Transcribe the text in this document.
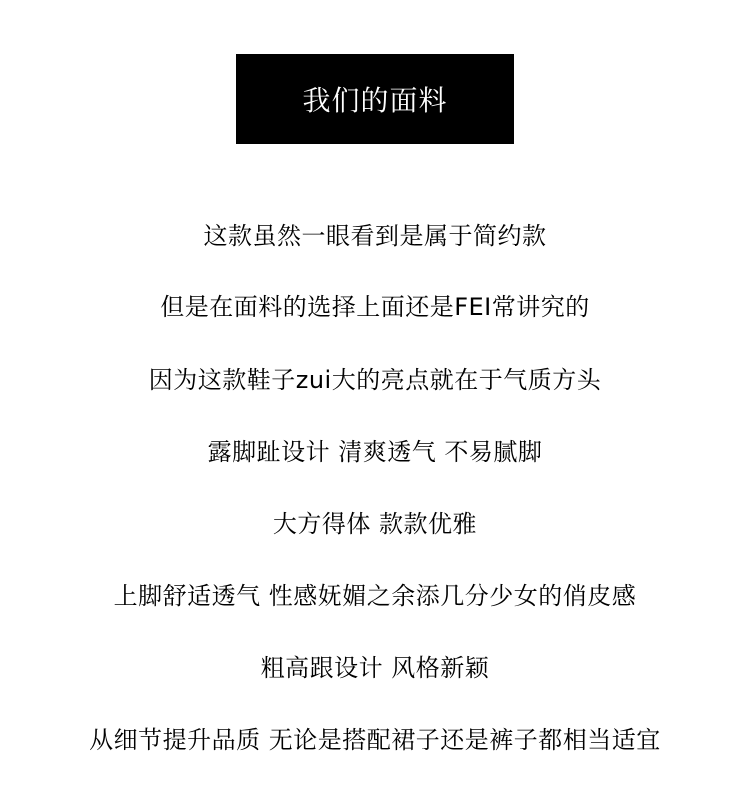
我们的面料
这款虽然一眼看到是属于简约款
但是在面料的选择上面还是FEI常讲究的
因为这款鞋子zui大的亮点就在于气质方头
露脚趾设计 清爽透气 不易腻脚
大方得体 款款优雅
上脚舒适透气 性感妩媚之余添几分少女的俏皮感
粗高跟设计 风格新颖
从细节提升品质 无论是搭配裙子还是裤子都相当适宜
